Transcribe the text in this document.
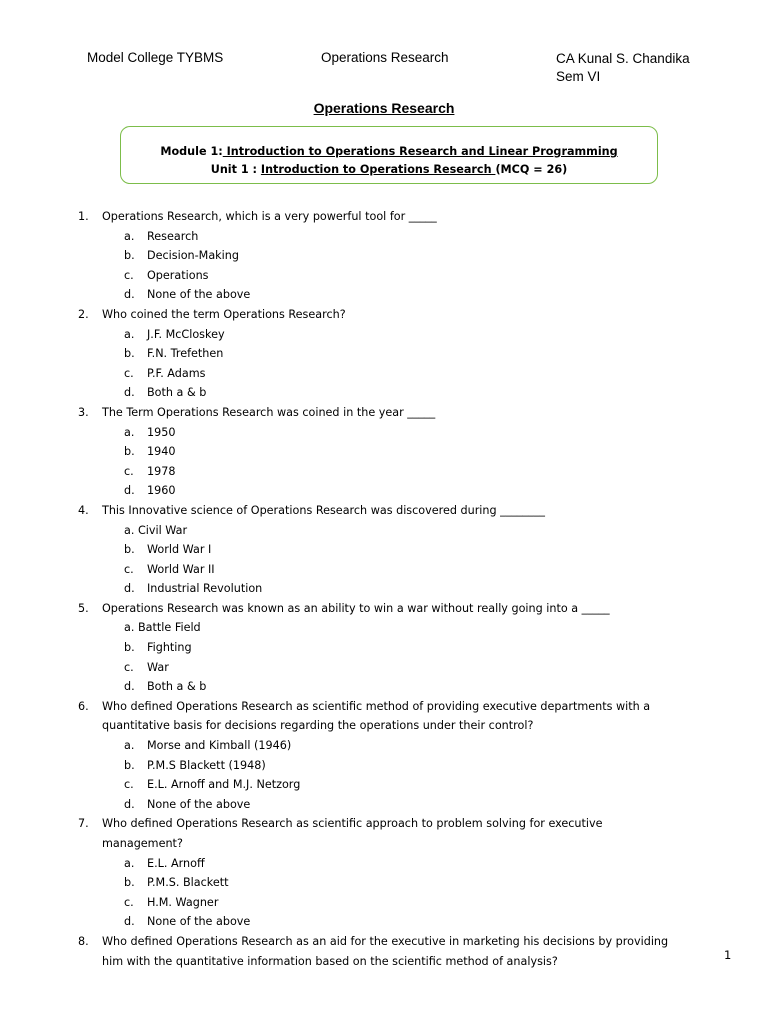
Model College TYBMS	Operations Research	CA Kunal S. Chandika
Sem VI
Operations Research
Module 1: Introduction to Operations Research and Linear Programming
Unit 1 : Introduction to Operations Research (MCQ = 26)
1. Operations Research, which is a very powerful tool for _____
a. Research
b. Decision-Making
c. Operations
d. None of the above
2. Who coined the term Operations Research?
a. J.F. McCloskey
b. F.N. Trefethen
c. P.F. Adams
d. Both a & b
3. The Term Operations Research was coined in the year _____
a. 1950
b. 1940
c. 1978
d. 1960
4. This Innovative science of Operations Research was discovered during ________
a. Civil War
b. World War I
c. World War II
d. Industrial Revolution
5. Operations Research was known as an ability to win a war without really going into a _____
a. Battle Field
b. Fighting
c. War
d. Both a & b
6. Who defined Operations Research as scientific method of providing executive departments with a quantitative basis for decisions regarding the operations under their control?
a. Morse and Kimball (1946)
b. P.M.S Blackett (1948)
c. E.L. Arnoff and M.J. Netzorg
d. None of the above
7. Who defined Operations Research as scientific approach to problem solving for executive management?
a. E.L. Arnoff
b. P.M.S. Blackett
c. H.M. Wagner
d. None of the above
8. Who defined Operations Research as an aid for the executive in marketing his decisions by providing him with the quantitative information based on the scientific method of analysis?	1
